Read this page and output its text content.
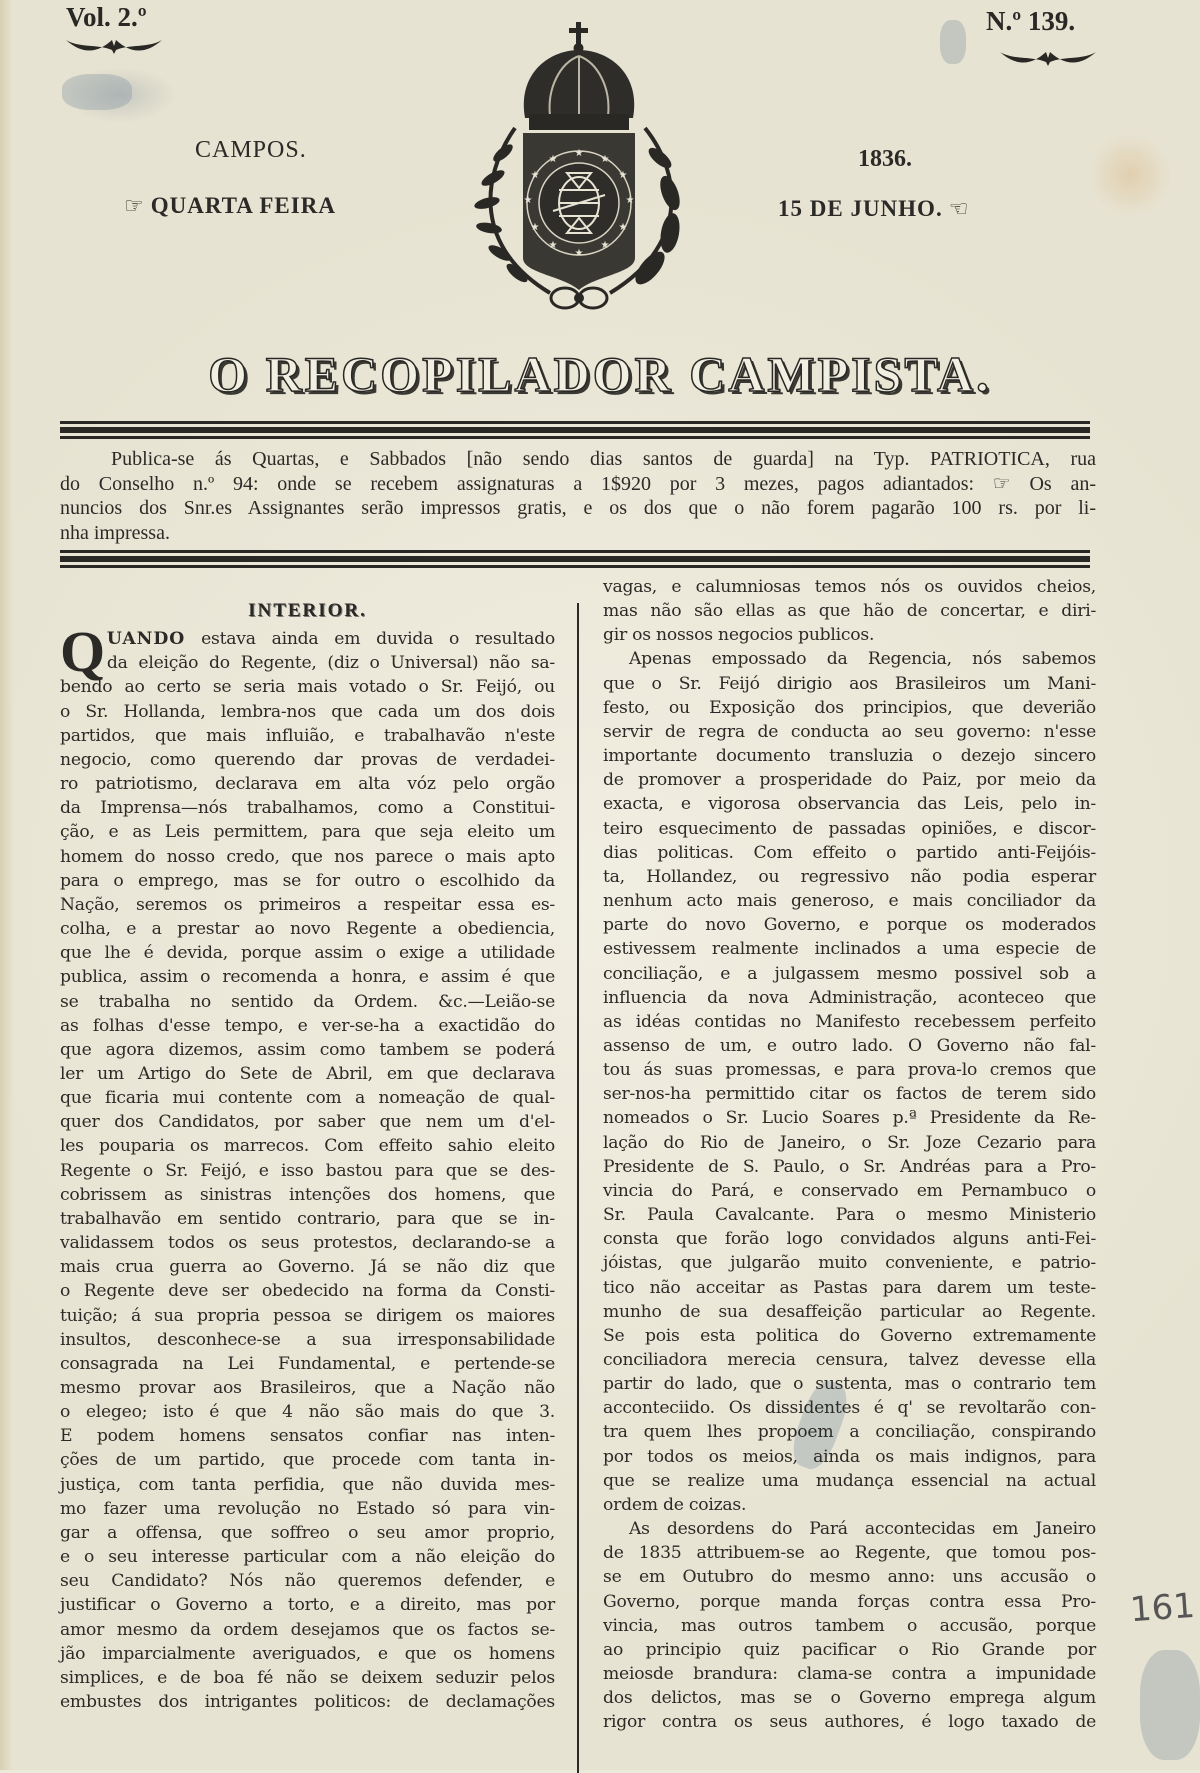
Vol. 2.º	N.º 139.
CAMPOS.
☞ QUARTA FEIRA
1836.
15 DE JUNHO. ☜
★
★
★
★
★
★
★
★
★
★
★
★
O RECOPILADOR CAMPISTA.
Publica-se ás Quartas, e Sabbados [não sendo dias santos de guarda] na Typ. PATRIOTICA, rua
do Conselho n.º 94: onde se recebem assignaturas a 1$920 por 3 mezes, pagos adiantados: ☞ Os an-
nuncios dos Snr.es Assignantes serão impressos gratis, e os dos que o não forem pagarão 100 rs. por li-
nha impressa.
INTERIOR.
Q UANDO estava ainda em duvida o resultado
da eleição do Regente, (diz o Universal) não sa-
bendo ao certo se seria mais votado o Sr. Feijó, ou
o Sr. Hollanda, lembra-nos que cada um dos dois
partidos, que mais influião, e trabalhavão n'este
negocio, como querendo dar provas de verdadei-
ro patriotismo, declarava em alta vóz pelo orgão
da Imprensa—nós trabalhamos, como a Constitui-
ção, e as Leis permittem, para que seja eleito um
homem do nosso credo, que nos parece o mais apto
para o emprego, mas se for outro o escolhido da
Nação, seremos os primeiros a respeitar essa es-
colha, e a prestar ao novo Regente a obediencia,
que lhe é devida, porque assim o exige a utilidade
publica, assim o recomenda a honra, e assim é que
se trabalha no sentido da Ordem. &c.—Leião-se
as folhas d'esse tempo, e ver-se-ha a exactidão do
que agora dizemos, assim como tambem se poderá
ler um Artigo do Sete de Abril, em que declarava
que ficaria mui contente com a nomeação de qual-
quer dos Candidatos, por saber que nem um d'el-
les pouparia os marrecos. Com effeito sahio eleito
Regente o Sr. Feijó, e isso bastou para que se des-
cobrissem as sinistras intenções dos homens, que
trabalhavão em sentido contrario, para que se in-
validassem todos os seus protestos, declarando-se a
mais crua guerra ao Governo. Já se não diz que
o Regente deve ser obedecido na forma da Consti-
tuição; á sua propria pessoa se dirigem os maiores
insultos, desconhece-se a sua irresponsabilidade
consagrada na Lei Fundamental, e pertende-se
mesmo provar aos Brasileiros, que a Nação não
o elegeo; isto é que 4 não são mais do que 3.
E podem homens sensatos confiar nas inten-
ções de um partido, que procede com tanta in-
justiça, com tanta perfidia, que não duvida mes-
mo fazer uma revolução no Estado só para vin-
gar a offensa, que soffreo o seu amor proprio,
e o seu interesse particular com a não eleição do
seu Candidato? Nós não queremos defender, e
justificar o Governo a torto, e a direito, mas por
amor mesmo da ordem desejamos que os factos se-
jão imparcialmente averiguados, e que os homens
simplices, e de boa fé não se deixem seduzir pelos
embustes dos intrigantes politicos: de declamações
vagas, e calumniosas temos nós os ouvidos cheios,
mas não são ellas as que hão de concertar, e diri-
gir os nossos negocios publicos.
Apenas empossado da Regencia, nós sabemos
que o Sr. Feijó dirigio aos Brasileiros um Mani-
festo, ou Exposição dos principios, que deverião
servir de regra de conducta ao seu governo: n'esse
importante documento transluzia o dezejo sincero
de promover a prosperidade do Paiz, por meio da
exacta, e vigorosa observancia das Leis, pelo in-
teiro esquecimento de passadas opiniões, e discor-
dias politicas. Com effeito o partido anti-Feijóis-
ta, Hollandez, ou regressivo não podia esperar
nenhum acto mais generoso, e mais conciliador da
parte do novo Governo, e porque os moderados
estivessem realmente inclinados a uma especie de
conciliação, e a julgassem mesmo possivel sob a
influencia da nova Administração, aconteceo que
as idéas contidas no Manifesto recebessem perfeito
assenso de um, e outro lado. O Governo não fal-
tou ás suas promessas, e para prova-lo cremos que
ser-nos-ha permittido citar os factos de terem sido
nomeados o Sr. Lucio Soares p.ª Presidente da Re-
lação do Rio de Janeiro, o Sr. Joze Cezario para
Presidente de S. Paulo, o Sr. Andréas para a Pro-
vincia do Pará, e conservado em Pernambuco o
Sr. Paula Cavalcante. Para o mesmo Ministerio
consta que forão logo convidados alguns anti-Fei-
jóistas, que julgarão muito conveniente, e patrio-
tico não acceitar as Pastas para darem um teste-
munho de sua desaffeição particular ao Regente.
Se pois esta politica do Governo extremamente
conciliadora merecia censura, talvez devesse ella
partir do lado, que o sustenta, mas o contrario tem
acconteciido. Os dissidentes é q' se revoltarão con-
tra quem lhes propoem a conciliação, conspirando
por todos os meios, ainda os mais indignos, para
que se realize uma mudança essencial na actual
ordem de coizas.
As desordens do Pará accontecidas em Janeiro
de 1835 attribuem-se ao Regente, que tomou pos-
se em Outubro do mesmo anno: uns accusão o
Governo, porque manda forças contra essa Pro-
vincia, mas outros tambem o accusão, porque
ao principio quiz pacificar o Rio Grande por
meiosde brandura: clama-se contra a impunidade
dos delictos, mas se o Governo emprega algum
rigor contra os seus authores, é logo taxado de
161
